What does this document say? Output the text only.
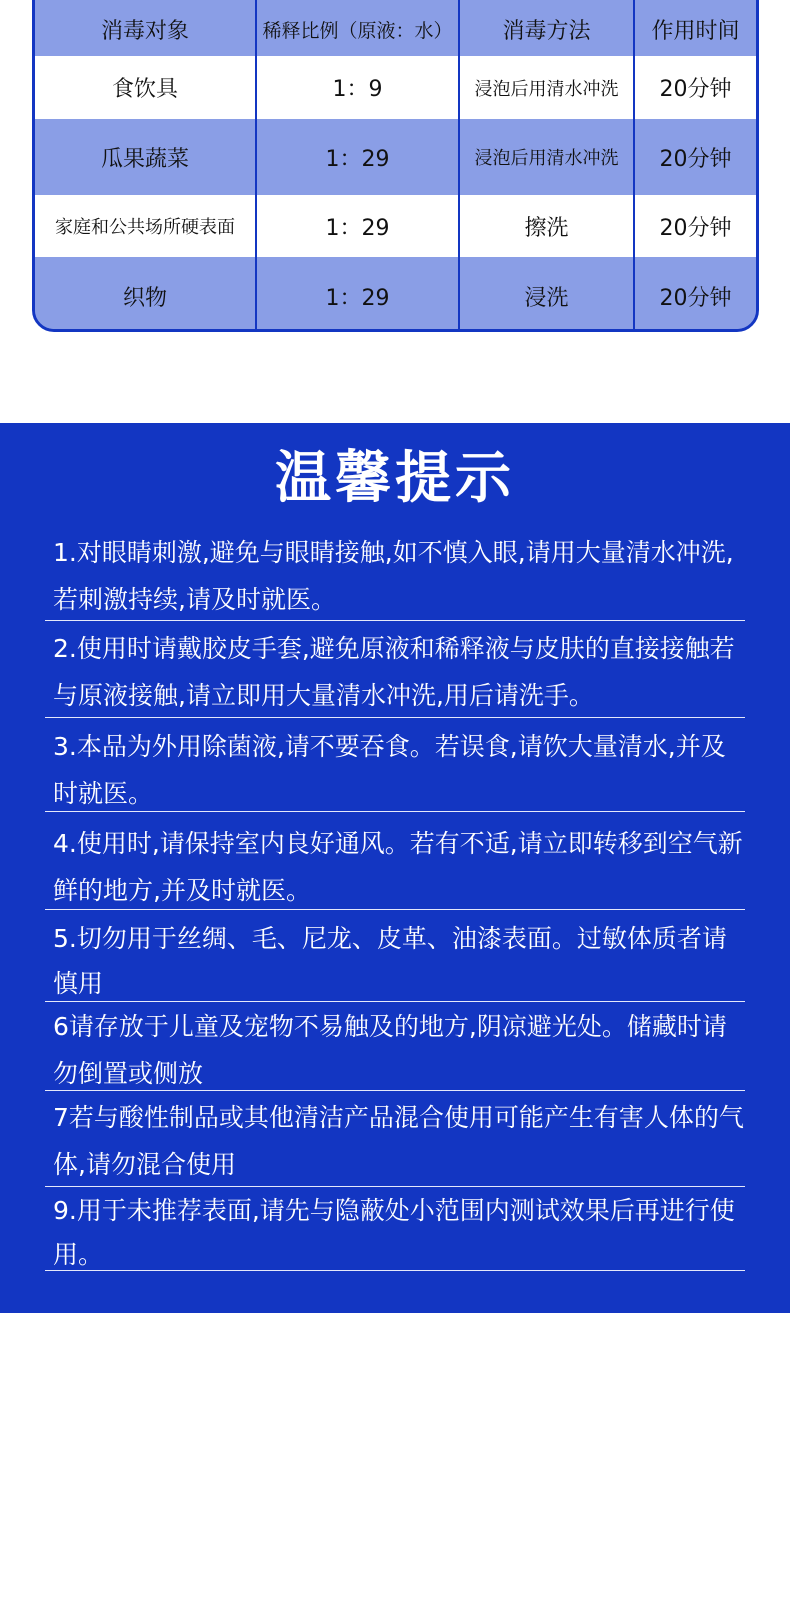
消毒对象	稀释比例（原液：水）	消毒方法	作用时间
食饮具	1：9	浸泡后用清水冲洗	20分钟
瓜果蔬菜	1：29	浸泡后用清水冲洗	20分钟
家庭和公共场所硬表面	1：29	擦洗	20分钟
织物	1：29	浸洗	20分钟
温馨提示
1.对眼睛刺激,避免与眼睛接触,如不慎入眼,请用大量清水冲洗,若刺激持续,请及时就医。
2.使用时请戴胶皮手套,避免原液和稀释液与皮肤的直接接触若与原液接触,请立即用大量清水冲洗,用后请洗手。
3.本品为外用除菌液,请不要吞食。若误食,请饮大量清水,并及时就医。
4.使用时,请保持室内良好通风。若有不适,请立即转移到空气新鲜的地方,并及时就医。
5.切勿用于丝绸、毛、尼龙、皮革、油漆表面。过敏体质者请慎用
6请存放于儿童及宠物不易触及的地方,阴凉避光处。储藏时请勿倒置或侧放
7若与酸性制品或其他清洁产品混合使用可能产生有害人体的气体,请勿混合使用
9.用于未推荐表面,请先与隐蔽处小范围内测试效果后再进行使用。
